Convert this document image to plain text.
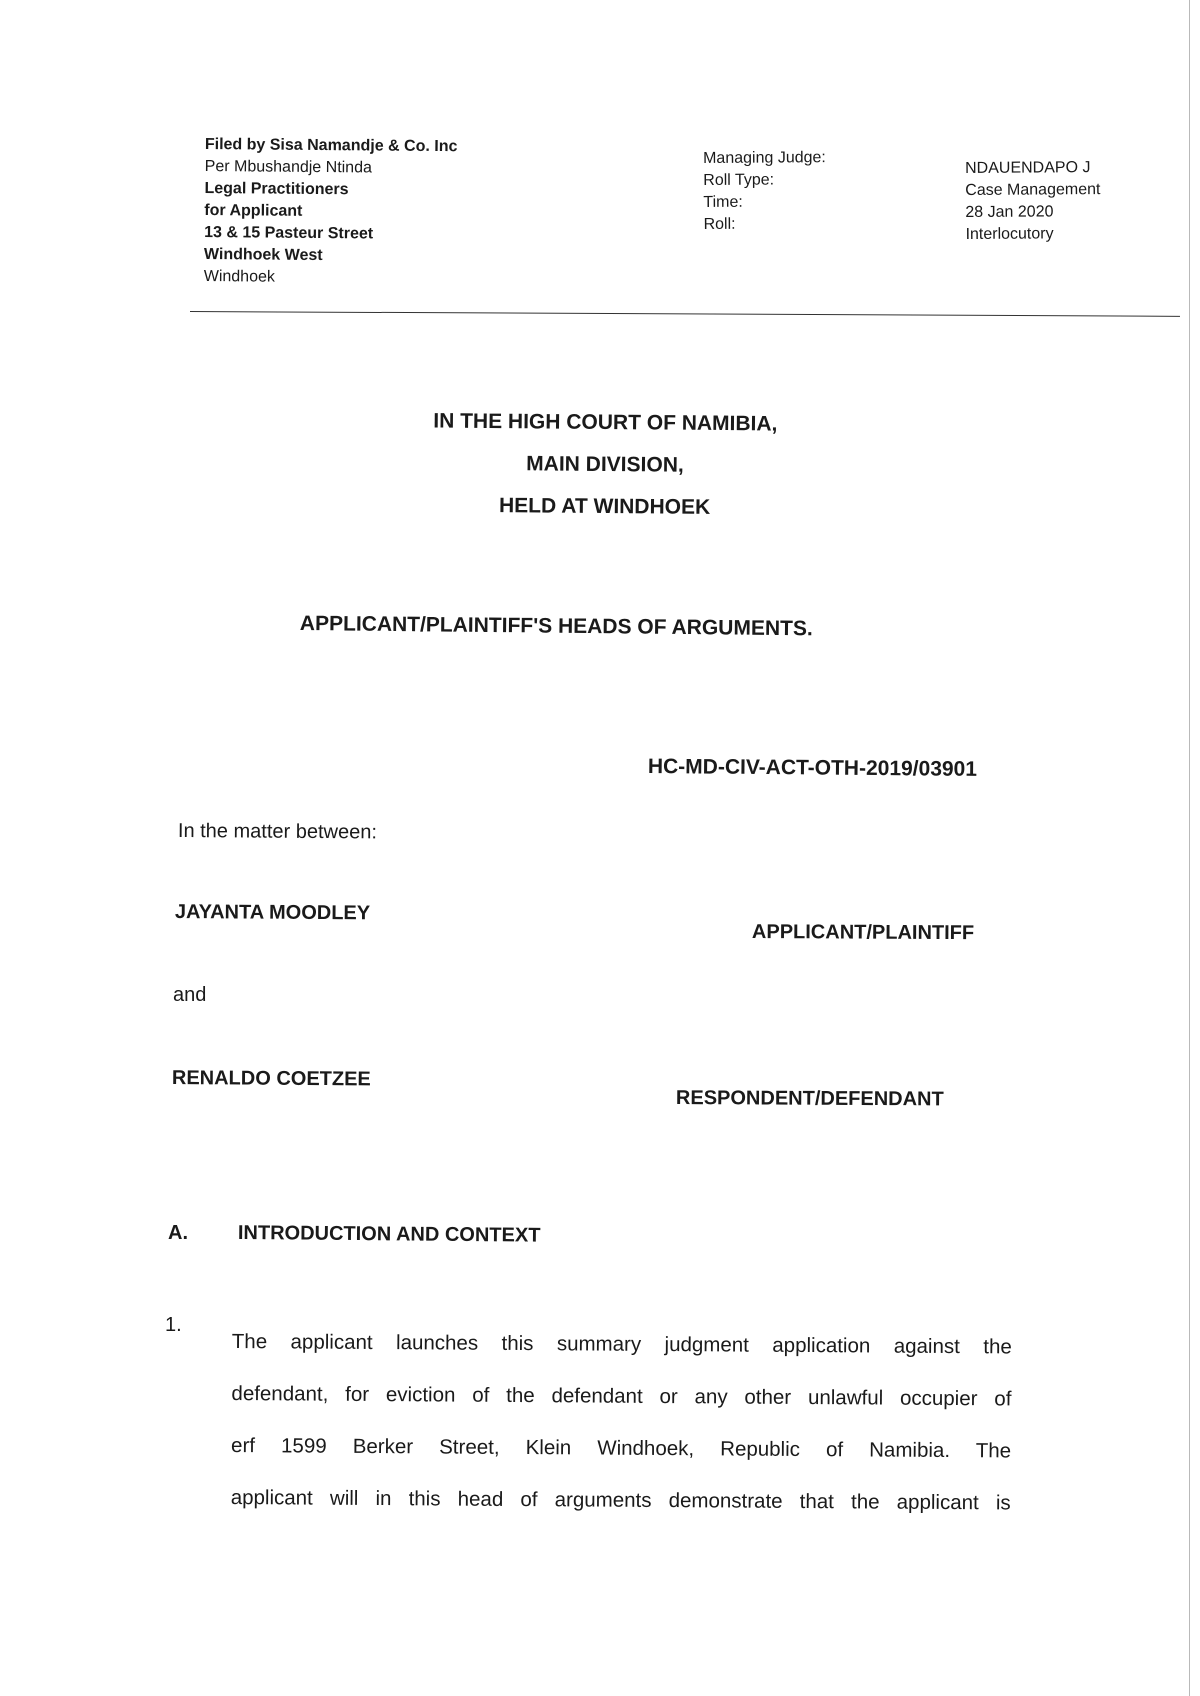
Filed by Sisa Namandje & Co. Inc
Per Mbushandje Ntinda
Legal Practitioners
for Applicant
13 & 15 Pasteur Street
Windhoek West
Windhoek
Managing Judge:
Roll Type:
Time:
Roll:
NDAUENDAPO J
Case Management
28 Jan 2020
Interlocutory
IN THE HIGH COURT OF NAMIBIA,
MAIN DIVISION,
HELD AT WINDHOEK
APPLICANT/PLAINTIFF'S HEADS OF ARGUMENTS.
HC-MD-CIV-ACT-OTH-2019/03901
In the matter between:
JAYANTA MOODLEY
APPLICANT/PLAINTIFF
and
RENALDO COETZEE
RESPONDENT/DEFENDANT
A. INTRODUCTION AND CONTEXT
1.
The applicant launches this summary judgment application against the
defendant, for eviction of the defendant or any other unlawful occupier of
erf 1599 Berker Street, Klein Windhoek, Republic of Namibia. The
applicant will in this head of arguments demonstrate that the applicant is
